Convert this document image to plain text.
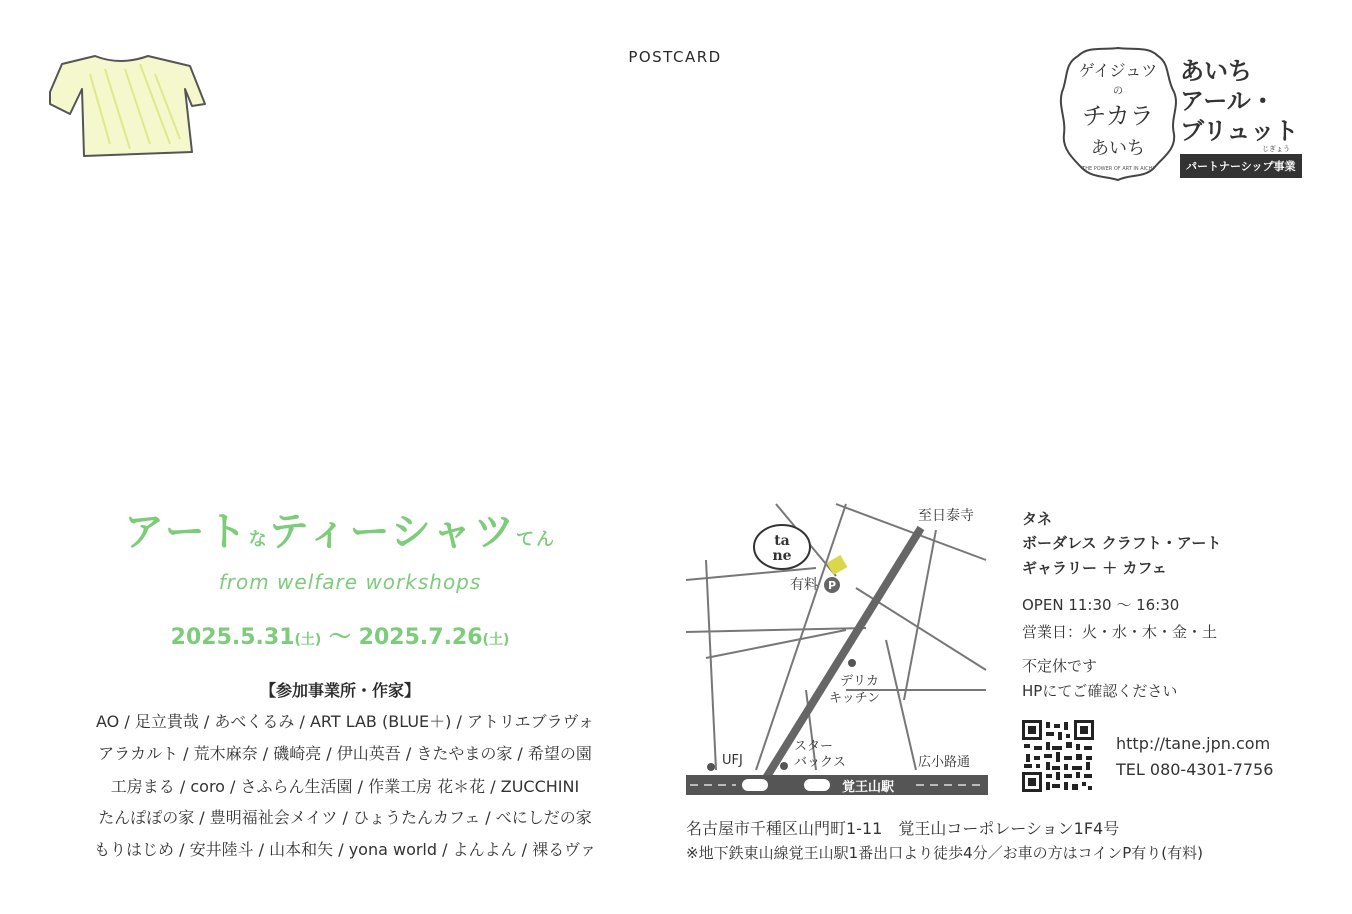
POSTCARD
ゲイジュツ
の
チカラ
あいち
THE POWER OF ART IN AICHI
あいち
アール・
ブリュット
パートナーシップ事業
じぎょう
アートなティーシャツてん
from welfare workshops
2025.5.31(土) 〜 2025.7.26(土)
【参加事業所・作家】
AO / 足立貴哉 / あべくるみ / ART LAB (BLUE＋) / アトリエブラヴォ
アラカルト / 荒木麻奈 / 磯崎亮 / 伊山英吾 / きたやまの家 / 希望の園
工房まる / coro / さふらん生活園 / 作業工房 花＊花 / ZUCCHINI
たんぽぽの家 / 豊明福祉会メイツ / ひょうたんカフェ / べにしだの家
もりはじめ / 安井陸斗 / 山本和矢 / yona world / よんよん / 裸るヴァ
ta
ne
至日泰寺
有料 P
デリカ
キッチン
UFJ
スター
バックス	広小路通
覚王山駅
タネ
ボーダレス クラフト・アート
ギャラリー ＋ カフェ
OPEN 11:30 〜 16:30
営業日：火・水・木・金・土
不定休です
HPにてご確認ください
http://tane.jpn.com
TEL 080-4301-7756
名古屋市千種区山門町1-11　覚王山コーポレーション1F4号
※地下鉄東山線覚王山駅1番出口より徒歩4分／お車の方はコインP有り(有料)
